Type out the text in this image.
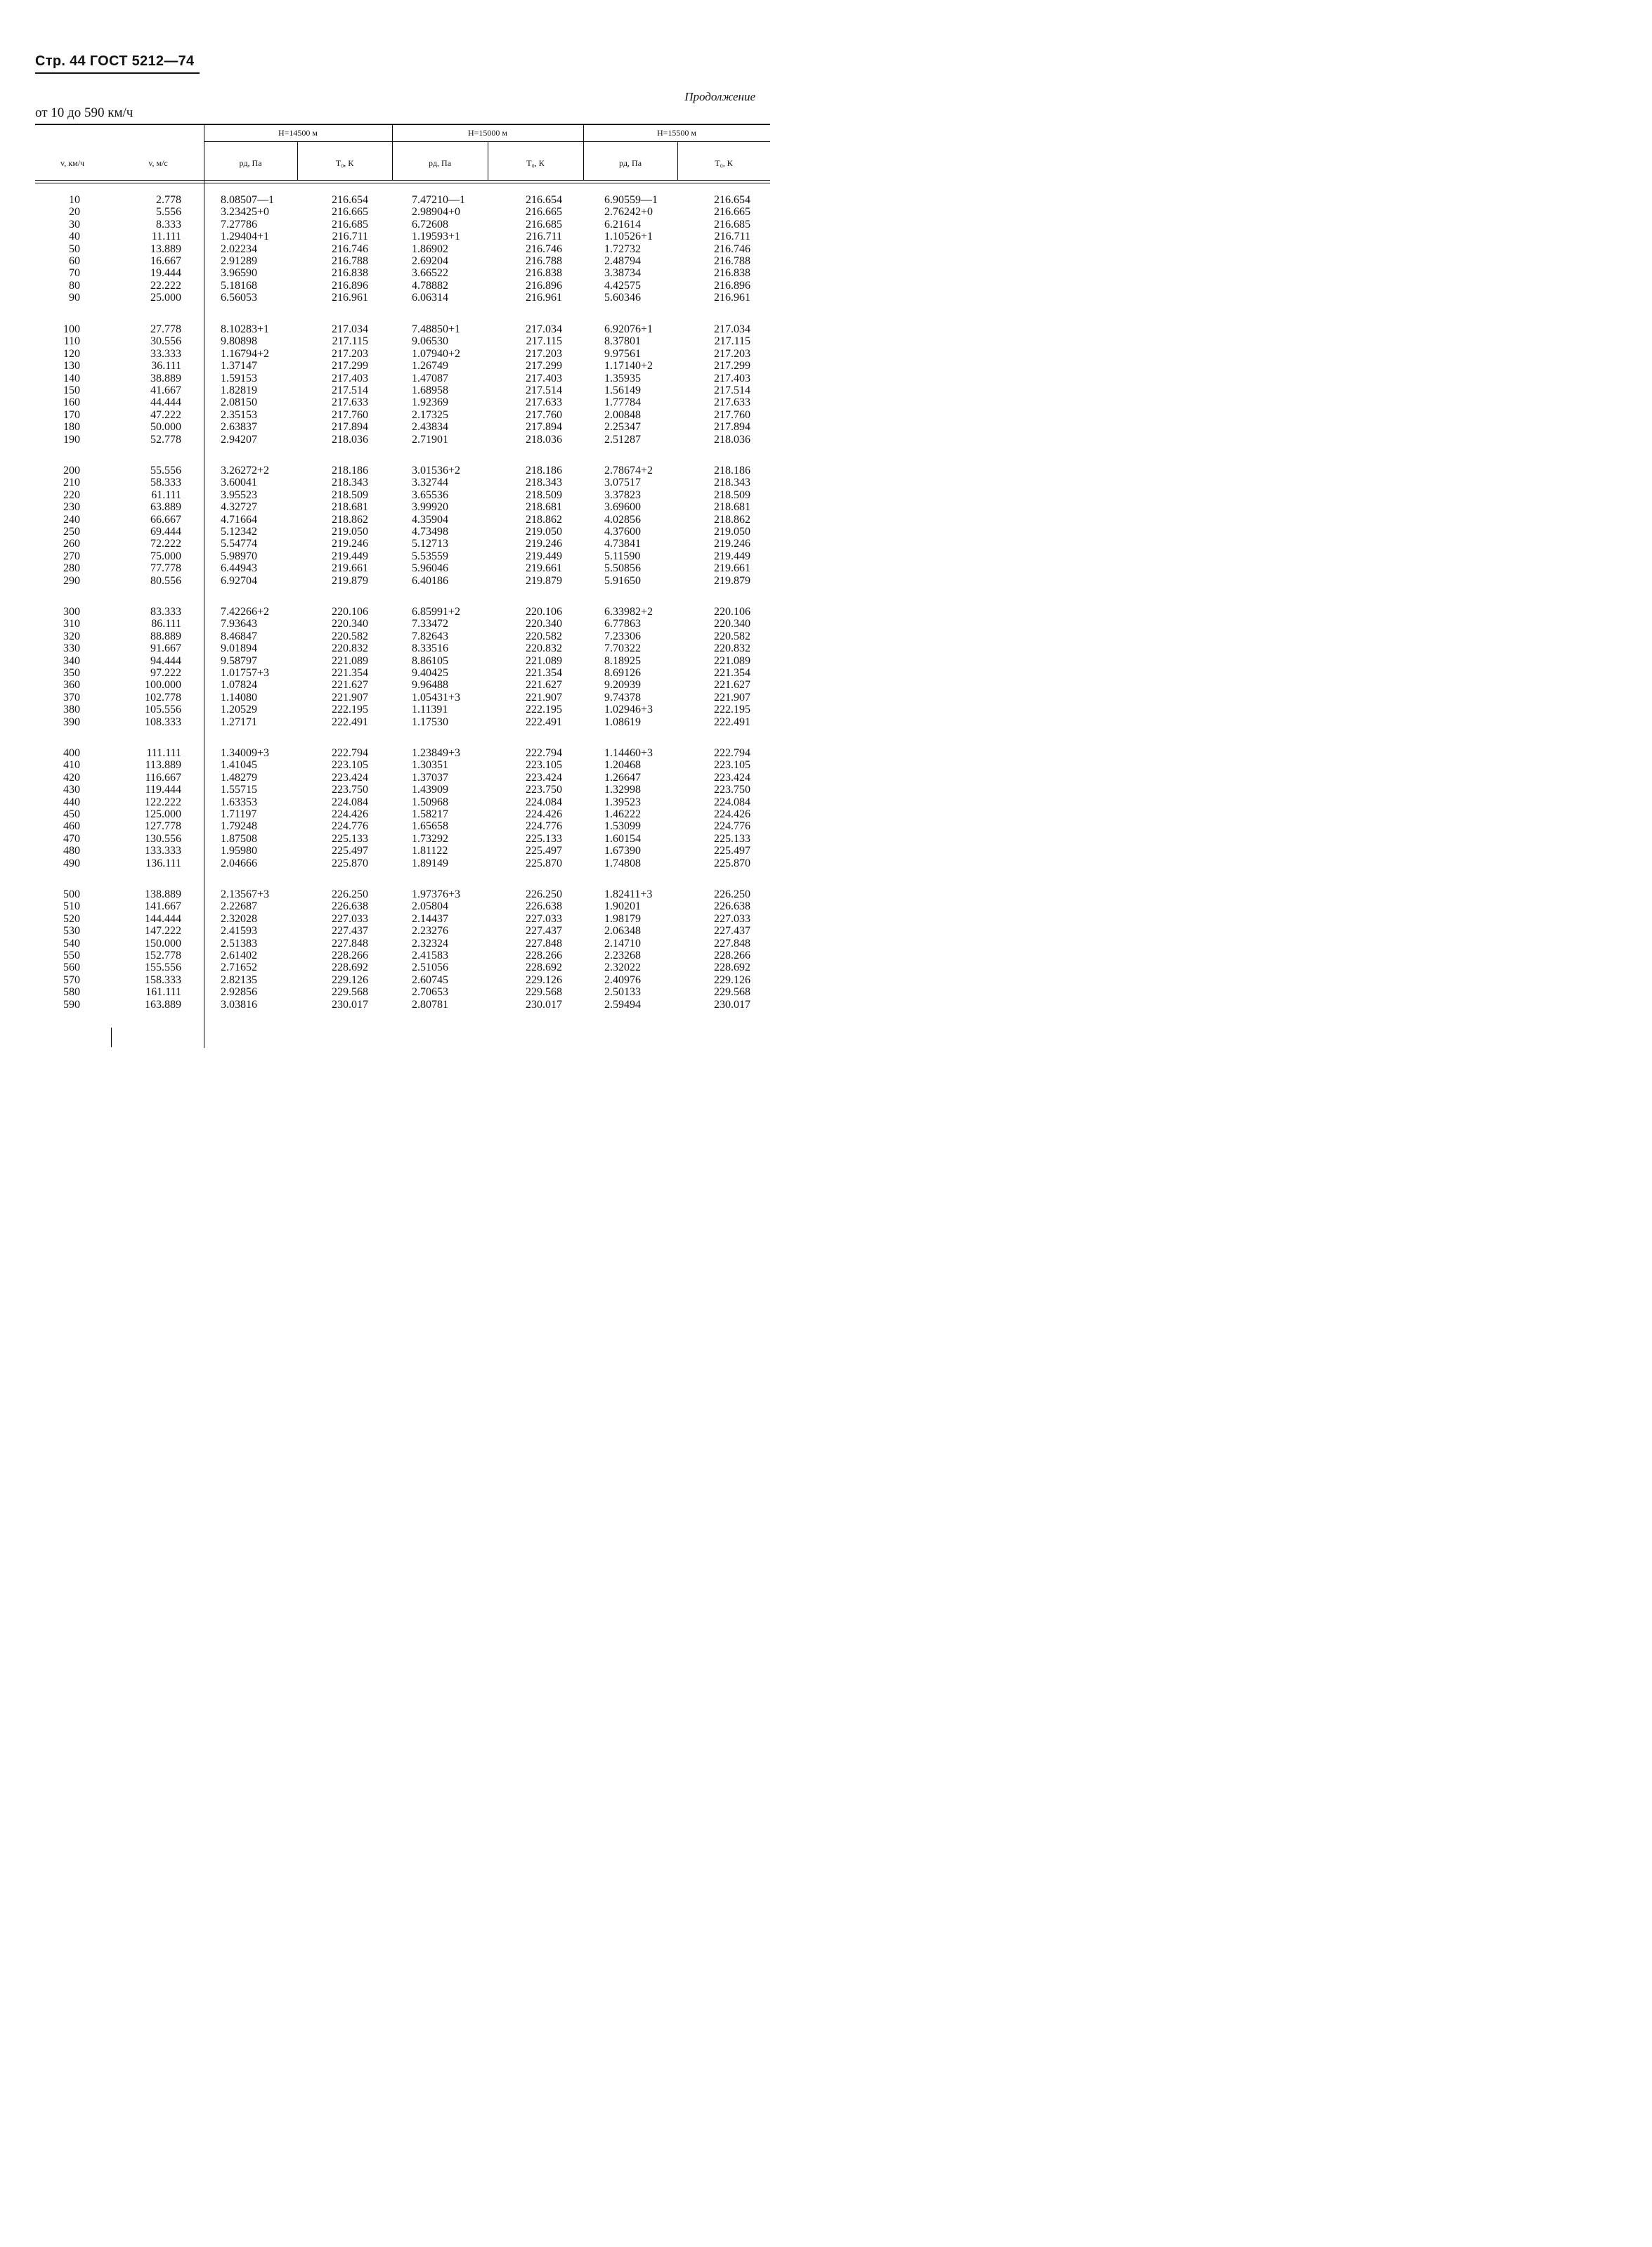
Стр. 44 ГОСТ 5212—74
Продолжение
от 10 до 590 км/ч
v, км/ч	v, м/с
H=14500 м	H=15000 м	H=15500 м
pд, Па	T₀, К	pд, Па	T₀, К	pд, Па	T₀, К
10	2.778	8.08507—1	216.654	7.47210—1	216.654	6.90559—1	216.654
20	5.556	3.23425+0	216.665	2.98904+0	216.665	2.76242+0	216.665
30	8.333	7.27786	216.685	6.72608	216.685	6.21614	216.685
40	11.111	1.29404+1	216.711	1.19593+1	216.711	1.10526+1	216.711
50	13.889	2.02234	216.746	1.86902	216.746	1.72732	216.746
60	16.667	2.91289	216.788	2.69204	216.788	2.48794	216.788
70	19.444	3.96590	216.838	3.66522	216.838	3.38734	216.838
80	22.222	5.18168	216.896	4.78882	216.896	4.42575	216.896
90	25.000	6.56053	216.961	6.06314	216.961	5.60346	216.961
100	27.778	8.10283+1	217.034	7.48850+1	217.034	6.92076+1	217.034
110	30.556	9.80898	217.115	9.06530	217.115	8.37801	217.115
120	33.333	1.16794+2	217.203	1.07940+2	217.203	9.97561	217.203
130	36.111	1.37147	217.299	1.26749	217.299	1.17140+2	217.299
140	38.889	1.59153	217.403	1.47087	217.403	1.35935	217.403
150	41.667	1.82819	217.514	1.68958	217.514	1.56149	217.514
160	44.444	2.08150	217.633	1.92369	217.633	1.77784	217.633
170	47.222	2.35153	217.760	2.17325	217.760	2.00848	217.760
180	50.000	2.63837	217.894	2.43834	217.894	2.25347	217.894
190	52.778	2.94207	218.036	2.71901	218.036	2.51287	218.036
200	55.556	3.26272+2	218.186	3.01536+2	218.186	2.78674+2	218.186
210	58.333	3.60041	218.343	3.32744	218.343	3.07517	218.343
220	61.111	3.95523	218.509	3.65536	218.509	3.37823	218.509
230	63.889	4.32727	218.681	3.99920	218.681	3.69600	218.681
240	66.667	4.71664	218.862	4.35904	218.862	4.02856	218.862
250	69.444	5.12342	219.050	4.73498	219.050	4.37600	219.050
260	72.222	5.54774	219.246	5.12713	219.246	4.73841	219.246
270	75.000	5.98970	219.449	5.53559	219.449	5.11590	219.449
280	77.778	6.44943	219.661	5.96046	219.661	5.50856	219.661
290	80.556	6.92704	219.879	6.40186	219.879	5.91650	219.879
300	83.333	7.42266+2	220.106	6.85991+2	220.106	6.33982+2	220.106
310	86.111	7.93643	220.340	7.33472	220.340	6.77863	220.340
320	88.889	8.46847	220.582	7.82643	220.582	7.23306	220.582
330	91.667	9.01894	220.832	8.33516	220.832	7.70322	220.832
340	94.444	9.58797	221.089	8.86105	221.089	8.18925	221.089
350	97.222	1.01757+3	221.354	9.40425	221.354	8.69126	221.354
360	100.000	1.07824	221.627	9.96488	221.627	9.20939	221.627
370	102.778	1.14080	221.907	1.05431+3	221.907	9.74378	221.907
380	105.556	1.20529	222.195	1.11391	222.195	1.02946+3	222.195
390	108.333	1.27171	222.491	1.17530	222.491	1.08619	222.491
400	111.111	1.34009+3	222.794	1.23849+3	222.794	1.14460+3	222.794
410	113.889	1.41045	223.105	1.30351	223.105	1.20468	223.105
420	116.667	1.48279	223.424	1.37037	223.424	1.26647	223.424
430	119.444	1.55715	223.750	1.43909	223.750	1.32998	223.750
440	122.222	1.63353	224.084	1.50968	224.084	1.39523	224.084
450	125.000	1.71197	224.426	1.58217	224.426	1.46222	224.426
460	127.778	1.79248	224.776	1.65658	224.776	1.53099	224.776
470	130.556	1.87508	225.133	1.73292	225.133	1.60154	225.133
480	133.333	1.95980	225.497	1.81122	225.497	1.67390	225.497
490	136.111	2.04666	225.870	1.89149	225.870	1.74808	225.870
500	138.889	2.13567+3	226.250	1.97376+3	226.250	1.82411+3	226.250
510	141.667	2.22687	226.638	2.05804	226.638	1.90201	226.638
520	144.444	2.32028	227.033	2.14437	227.033	1.98179	227.033
530	147.222	2.41593	227.437	2.23276	227.437	2.06348	227.437
540	150.000	2.51383	227.848	2.32324	227.848	2.14710	227.848
550	152.778	2.61402	228.266	2.41583	228.266	2.23268	228.266
560	155.556	2.71652	228.692	2.51056	228.692	2.32022	228.692
570	158.333	2.82135	229.126	2.60745	229.126	2.40976	229.126
580	161.111	2.92856	229.568	2.70653	229.568	2.50133	229.568
590	163.889	3.03816	230.017	2.80781	230.017	2.59494	230.017
